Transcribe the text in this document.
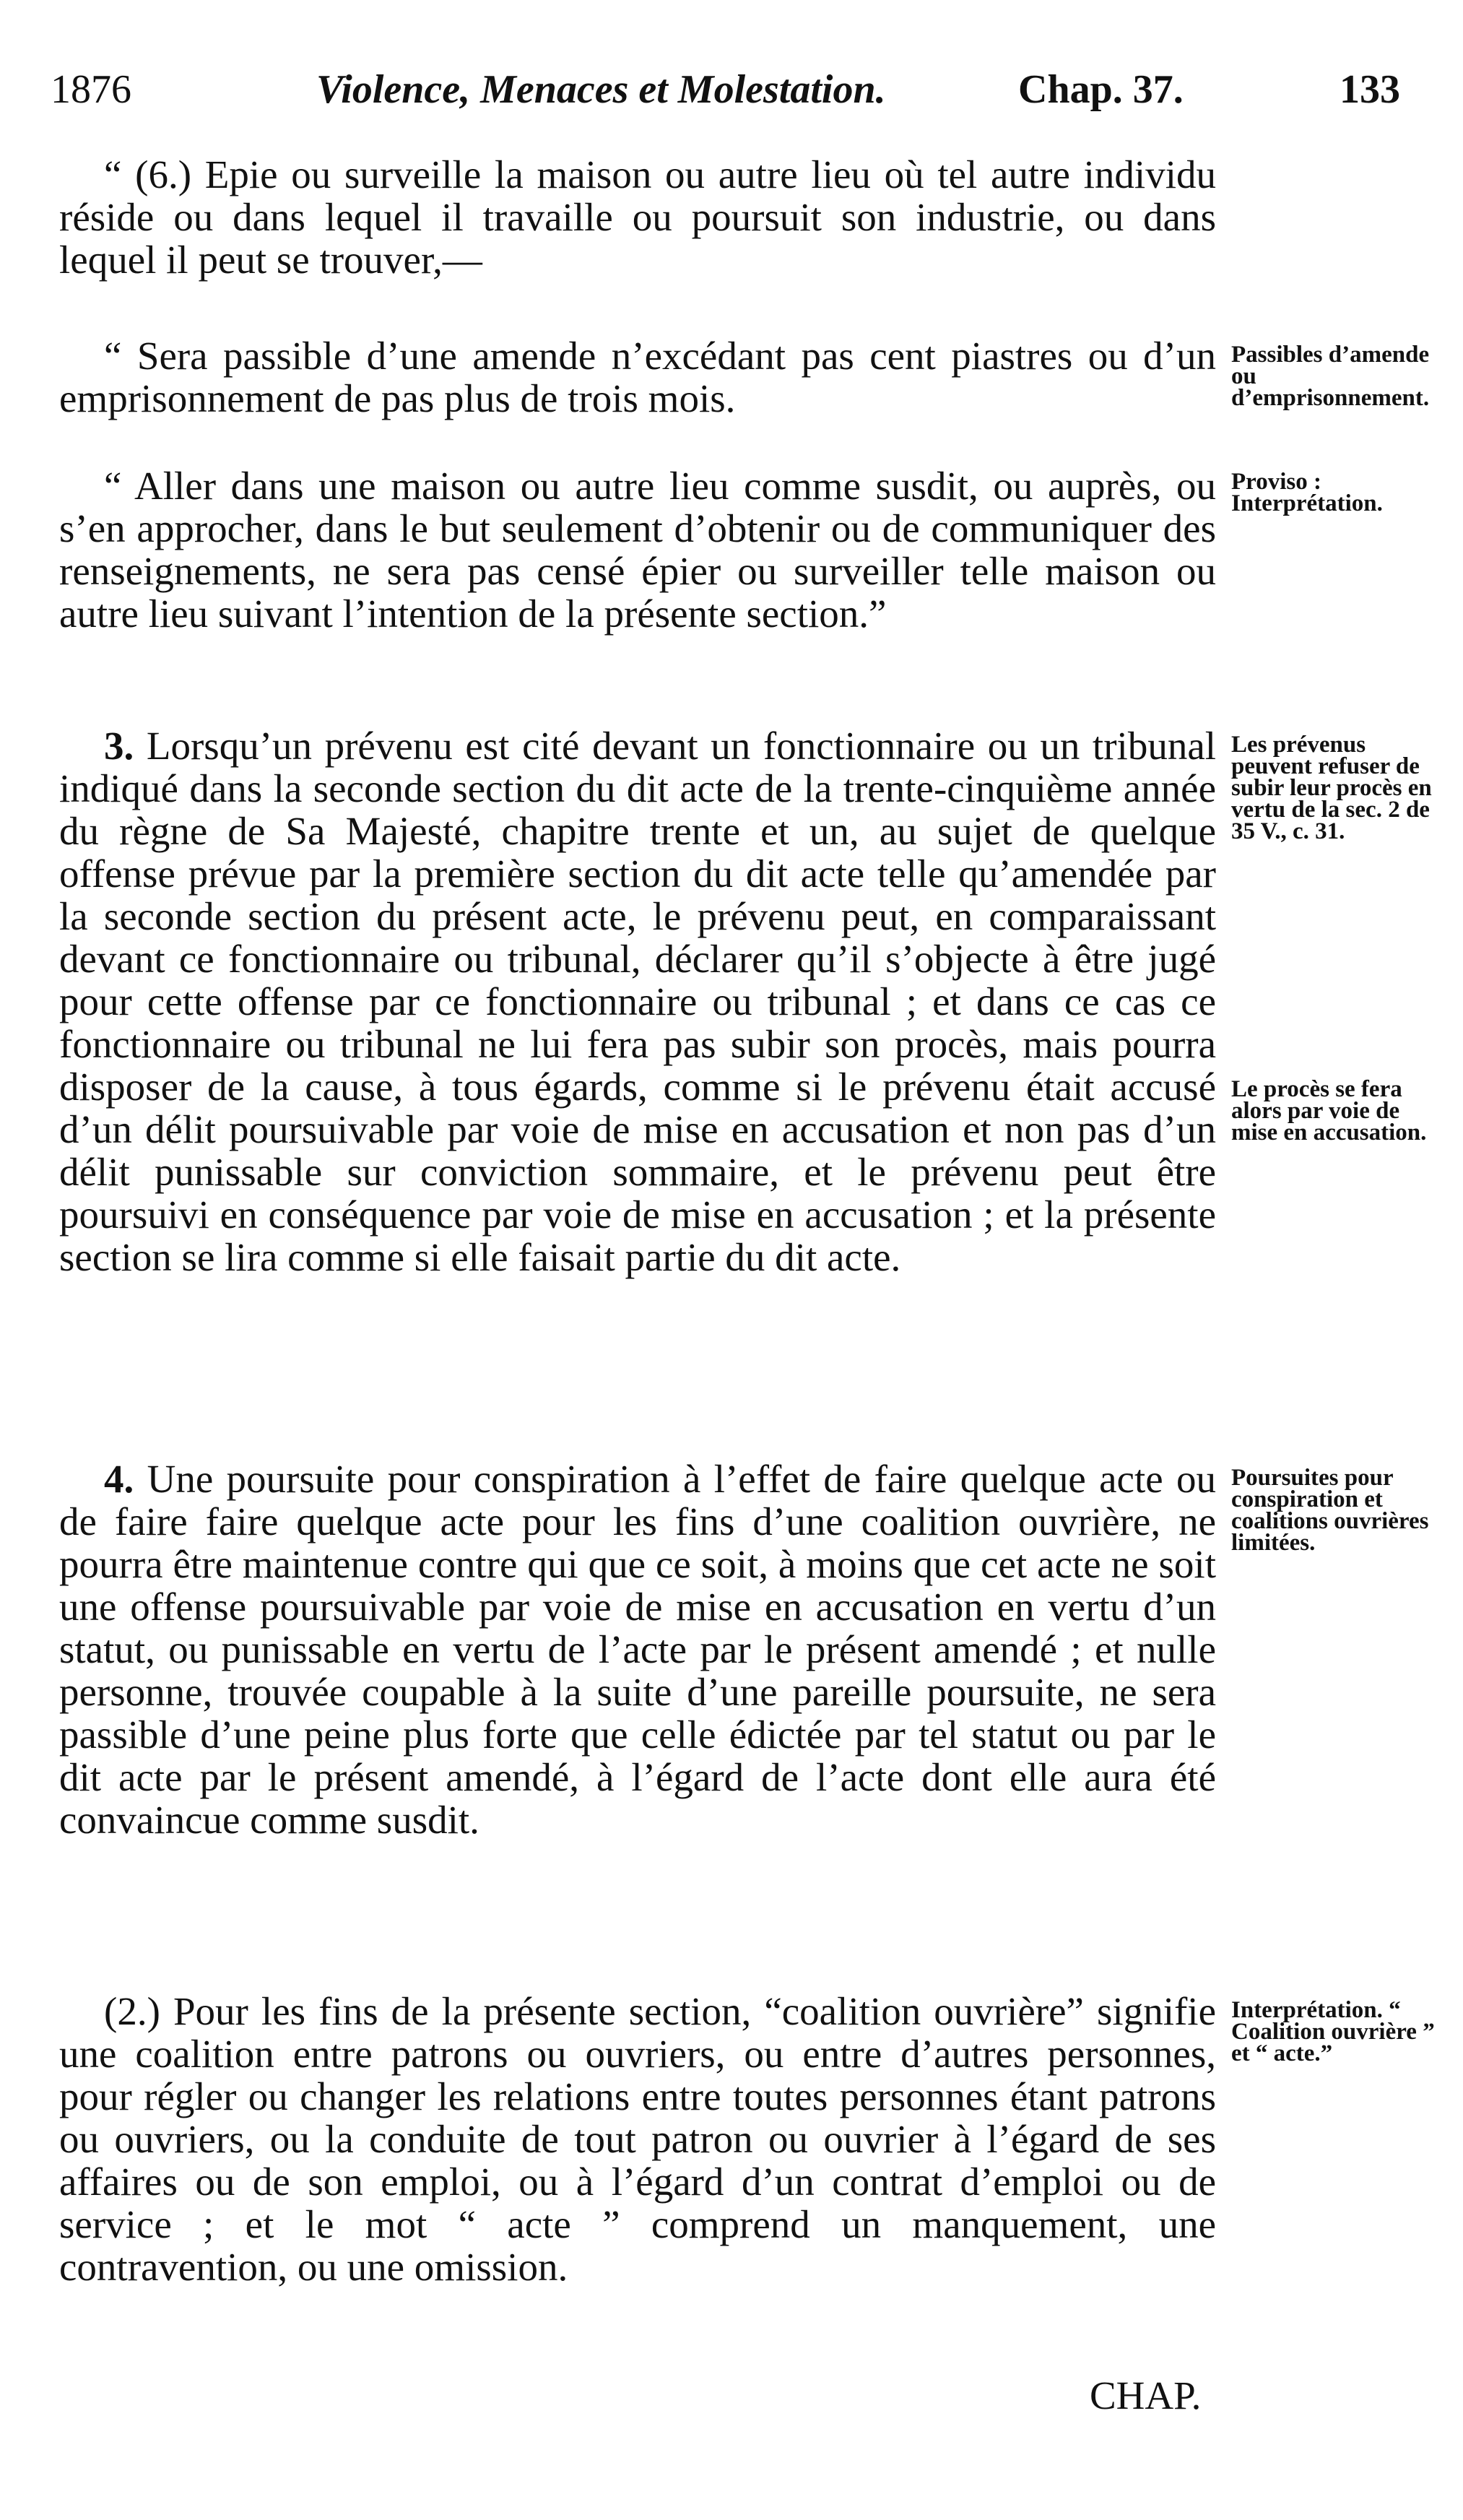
1876	Violence, Menaces et Molestation.	Chap. 37.	133

“ (6.) Epie ou surveille la maison ou autre lieu où tel autre individu réside ou dans lequel il travaille ou poursuit son industrie, ou dans lequel il peut se trouver,—

“ Sera passible d’une amende n’excédant pas cent piastres ou d’un emprisonnement de pas plus de trois mois.

“ Aller dans une maison ou autre lieu comme susdit, ou auprès, ou s’en approcher, dans le but seulement d’obtenir ou de communiquer des renseignements, ne sera pas censé épier ou surveiller telle maison ou autre lieu suivant l’intention de la présente section.”

3. Lorsqu’un prévenu est cité devant un fonctionnaire ou un tribunal indiqué dans la seconde section du dit acte de la trente-cinquième année du règne de Sa Majesté, chapitre trente et un, au sujet de quelque offense prévue par la première section du dit acte telle qu’amendée par la seconde section du présent acte, le prévenu peut, en comparaissant devant ce fonctionnaire ou tribunal, déclarer qu’il s’objecte à être jugé pour cette offense par ce fonctionnaire ou tribunal ; et dans ce cas ce fonctionnaire ou tribunal ne lui fera pas subir son procès, mais pourra disposer de la cause, à tous égards, comme si le prévenu était accusé d’un délit poursuivable par voie de mise en accusation et non pas d’un délit punissable sur conviction sommaire, et le prévenu peut être poursuivi en conséquence par voie de mise en accusation ; et la présente section se lira comme si elle faisait partie du dit acte.

4. Une poursuite pour conspiration à l’effet de faire quelque acte ou de faire faire quelque acte pour les fins d’une coalition ouvrière, ne pourra être maintenue contre qui que ce soit, à moins que cet acte ne soit une offense poursuivable par voie de mise en accusation en vertu d’un statut, ou punissable en vertu de l’acte par le présent amendé ; et nulle personne, trouvée coupable à la suite d’une pareille poursuite, ne sera passible d’une peine plus forte que celle édictée par tel statut ou par le dit acte par le présent amendé, à l’égard de l’acte dont elle aura été convaincue comme susdit.

(2.) Pour les fins de la présente section, “coalition ouvrière” signifie une coalition entre patrons ou ouvriers, ou entre d’autres personnes, pour régler ou changer les relations entre toutes personnes étant patrons ou ouvriers, ou la conduite de tout patron ou ouvrier à l’égard de ses affaires ou de son emploi, ou à l’égard d’un contrat d’emploi ou de service ; et le mot “ acte ” comprend un manquement, une contravention, ou une omission.

Passibles d’amende ou d’emprisonnement.

Proviso : Interprétation.

Les prévenus peuvent refuser de subir leur procès en vertu de la sec. 2 de 35 V., c. 31.

Le procès se fera alors par voie de mise en accusation.

Poursuites pour conspiration et coalitions ouvrières limitées.

Interprétation. “ Coalition ouvrière ” et “ acte.”

CHAP.
